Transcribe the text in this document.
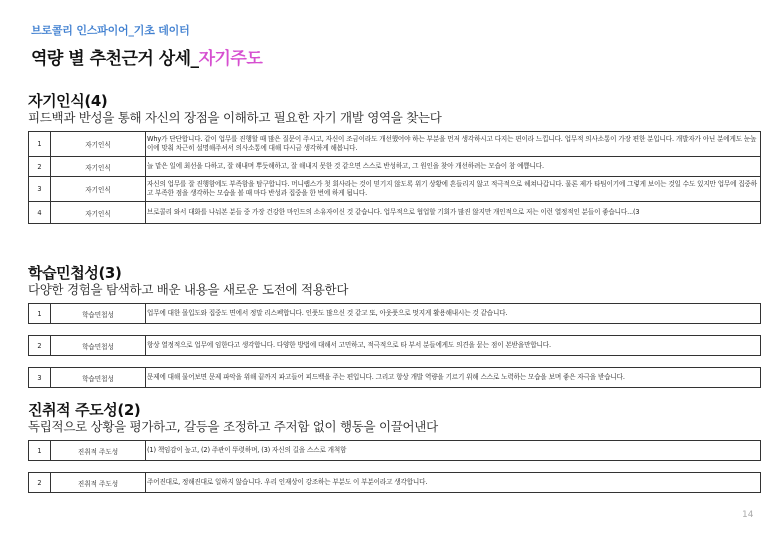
브로콜리 인스파이어_기초 데이터
역량 별 추천근거 상세_자기주도
자기인식(4)
피드백과 반성을 통해 자신의 장점을 이해하고 필요한 자기 개발 영역을 찾는다
1	자기인식	Why가 단단합니다. 같이 업무를 진행할 때 많은 질문이 주시고, 자신이 조금이라도 개선했어야 하는 부분을 먼저 생각하시고 다지는 편이라 느낍니다. 업무적 의사소통이 가장 편한 분입니다. 개발자가 아닌 분에게도 눈높이에 맞춰 차근히 설명해주셔서 의사소통에 대해 다시금 생각하게 해봅니다.
2	자기인식	늘 맡은 일에 최선을 다하고, 잘 해내며 뿌듯해하고, 잘 해내지 못한 것 같으면 스스로 반성하고, 그 원인을 찾아 개선하려는 모습이 참 예쁩니다.
3	자기인식	자신의 업무를 잘 진행함에도 부족함을 탐구합니다. 머니랩스가 첫 회사라는 것이 믿기지 않도록 위기 상황에 흔들리지 않고 적극적으로 헤쳐나갑니다. 물론 제가 타팀이기에 그렇게 보이는 것일 수도 있지만 업무에 집중하고 부족한 점을 생각하는 모습을 볼 때 마다 반성과 집중을 한 번에 하게 됩니다.
4	자기인식	브로콜리 와서 대화를 나눠본 분들 중 가장 건강한 마인드의 소유자이신 것 같습니다. 업무적으로 협업할 기회가 많진 않지만 개인적으로 저는 이런 열정적인 분들이 좋습니다...(3
학습민첩성(3)
다양한 경험을 탐색하고 배운 내용을 새로운 도전에 적용한다
1	학습민첩성	업무에 대한 몰입도와 집중도 면에서 정말 리스펙합니다. 인풋도 많으신 것 같고 또, 아웃풋으로 멋지게 활용해내시는 것 같습니다.

2	학습민첩성	항상 열정적으로 업무에 임한다고 생각합니다. 다양한 방법에 대해서 고민하고, 적극적으로 타 부서 분들에게도 의견을 묻는 점이 본받을만합니다.

3	학습민첩성	문제에 대해 물어보면 문제 파악을 위해 끝까지 파고들어 피드백을 주는 편입니다. 그리고 항상 개발 역량을 기르기 위해 스스로 노력하는 모습을 보며 좋은 자극을 받습니다.
진취적 주도성(2)
독립적으로 상황을 평가하고, 갈등을 조정하고 주저함 없이 행동을 이끌어낸다
1	진취적 주도성	(1) 책임감이 높고, (2) 주관이 뚜렷하며, (3) 자신의 길을 스스로 개척함

2	진취적 주도성	주어진대로, 정해진대로 일하지 않습니다. 우리 인재상이 강조하는 부분도 이 부분이라고 생각합니다.
14
